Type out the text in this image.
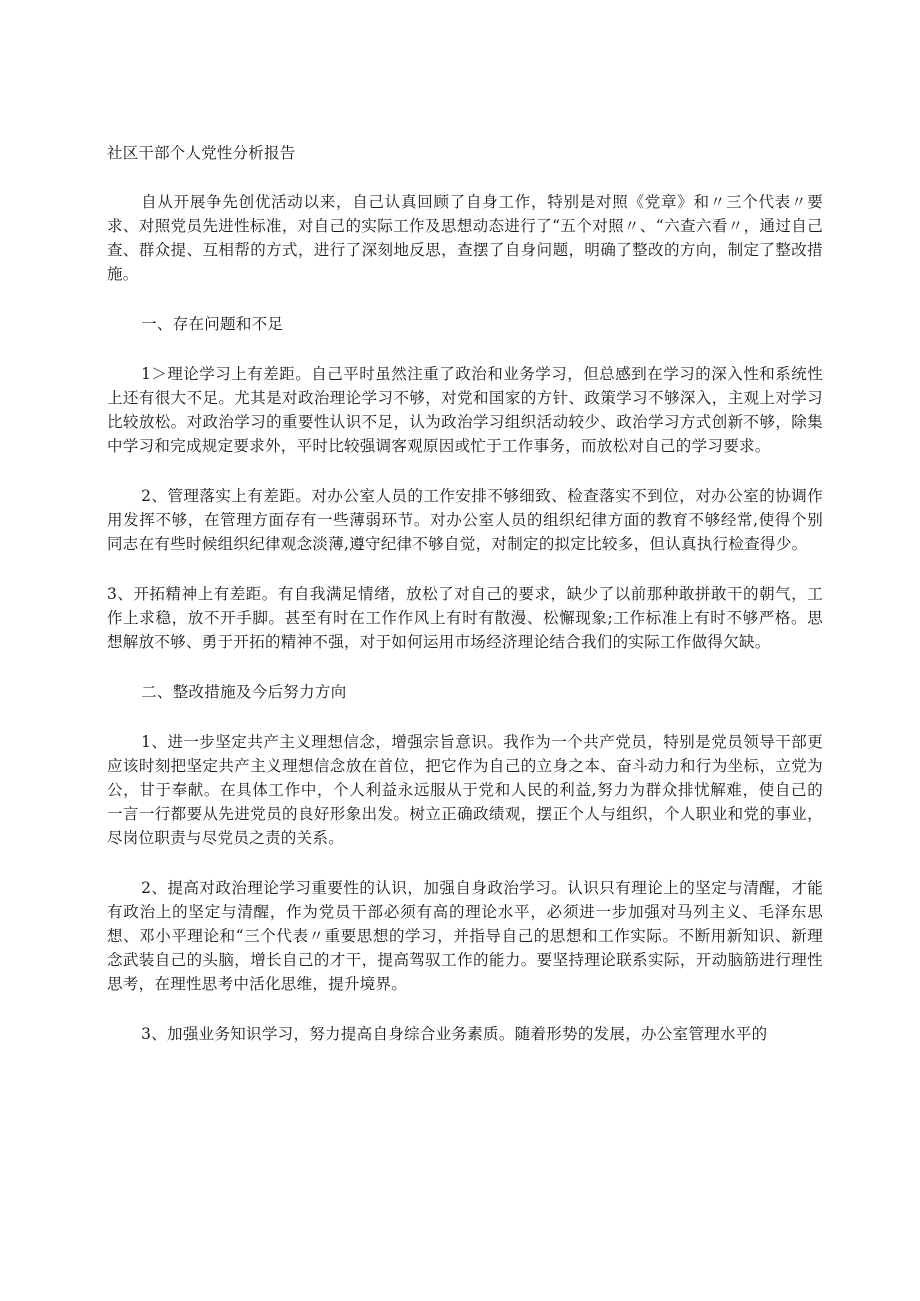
社区干部个人党性分析报告

自从开展争先创优活动以来，自己认真回顾了自身工作，特别是对照《党章》和〃三个代表〃要求、对照党员先进性标准，对自己的实际工作及思想动态进行了“五个对照〃、“六查六看〃，通过自己查、群众提、互相帮的方式，进行了深刻地反思，查摆了自身问题，明确了整改的方向，制定了整改措施。

一、存在问题和不足

1＞理论学习上有差距。自己平时虽然注重了政治和业务学习，但总感到在学习的深入性和系统性上还有很大不足。尤其是对政治理论学习不够，对党和国家的方针、政策学习不够深入，主观上对学习比较放松。对政治学习的重要性认识不足，认为政治学习组织活动较少、政治学习方式创新不够，除集中学习和完成规定要求外，平时比较强调客观原因或忙于工作事务，而放松对自己的学习要求。

2、管理落实上有差距。对办公室人员的工作安排不够细致、检查落实不到位，对办公室的协调作用发挥不够，在管理方面存有一些薄弱环节。对办公室人员的组织纪律方面的教育不够经常,使得个别同志在有些时候组织纪律观念淡薄,遵守纪律不够自觉，对制定的拟定比较多，但认真执行检查得少。

3、开拓精神上有差距。有自我满足情绪，放松了对自己的要求，缺少了以前那种敢拼敢干的朝气，工作上求稳，放不开手脚。甚至有时在工作作风上有时有散漫、松懈现象;工作标准上有时不够严格。思想解放不够、勇于开拓的精神不强，对于如何运用市场经济理论结合我们的实际工作做得欠缺。

二、整改措施及今后努力方向

1、进一步坚定共产主义理想信念，增强宗旨意识。我作为一个共产党员，特别是党员领导干部更应该时刻把坚定共产主义理想信念放在首位，把它作为自己的立身之本、奋斗动力和行为坐标，立党为公，甘于奉献。在具体工作中，个人利益永远服从于党和人民的利益,努力为群众排忧解难，使自己的一言一行都要从先进党员的良好形象出发。树立正确政绩观，摆正个人与组织，个人职业和党的事业，尽岗位职责与尽党员之责的关系。

2、提高对政治理论学习重要性的认识，加强自身政治学习。认识只有理论上的坚定与清醒，才能有政治上的坚定与清醒，作为党员干部必须有高的理论水平，必须进一步加强对马列主义、毛泽东思想、邓小平理论和“三个代表〃重要思想的学习，并指导自己的思想和工作实际。不断用新知识、新理念武装自己的头脑，增长自己的才干，提高驾驭工作的能力。要坚持理论联系实际，开动脑筋进行理性思考，在理性思考中活化思维，提升境界。

3、加强业务知识学习，努力提高自身综合业务素质。随着形势的发展，办公室管理水平的
